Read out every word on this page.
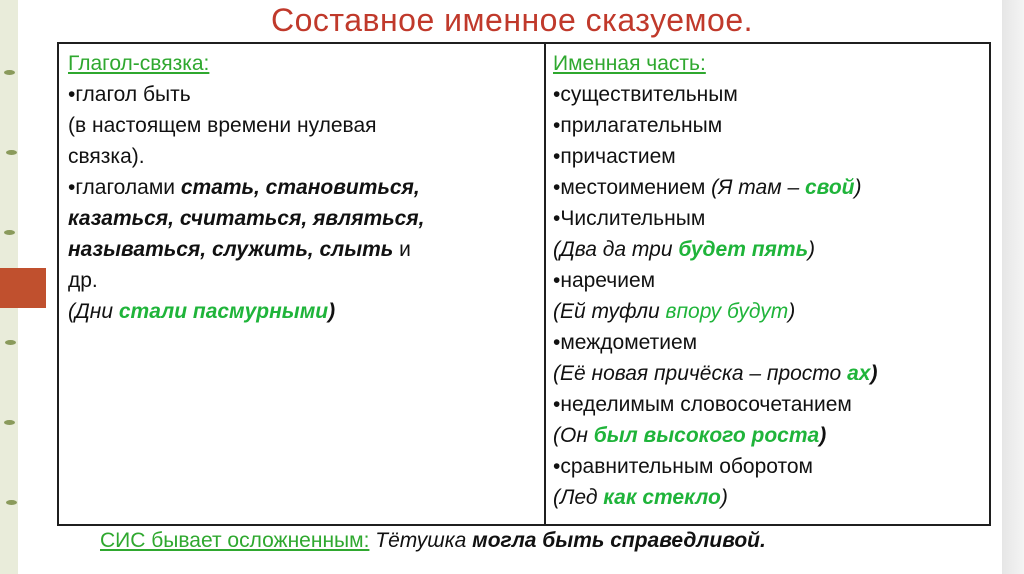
Составное именное сказуемое.
Глагол-связка:
•глагол быть
(в настоящем времени нулевая
связка).
•глаголами стать, становиться,
казаться, считаться, являться,
называться, служить, слыть и
др.
(Дни стали пасмурными)
Именная часть:
•существительным
•прилагательным
•причастием
•местоимением (Я там – свой)
•Числительным
(Два да три будет пять)
•наречием
(Ей туфли впору будут)
•междометием
(Её новая причёска – просто ах)
•неделимым словосочетанием
(Он был высокого роста)
•сравнительным оборотом
(Лед как стекло)
СИС бывает осложненным: Тётушка могла быть справедливой.
